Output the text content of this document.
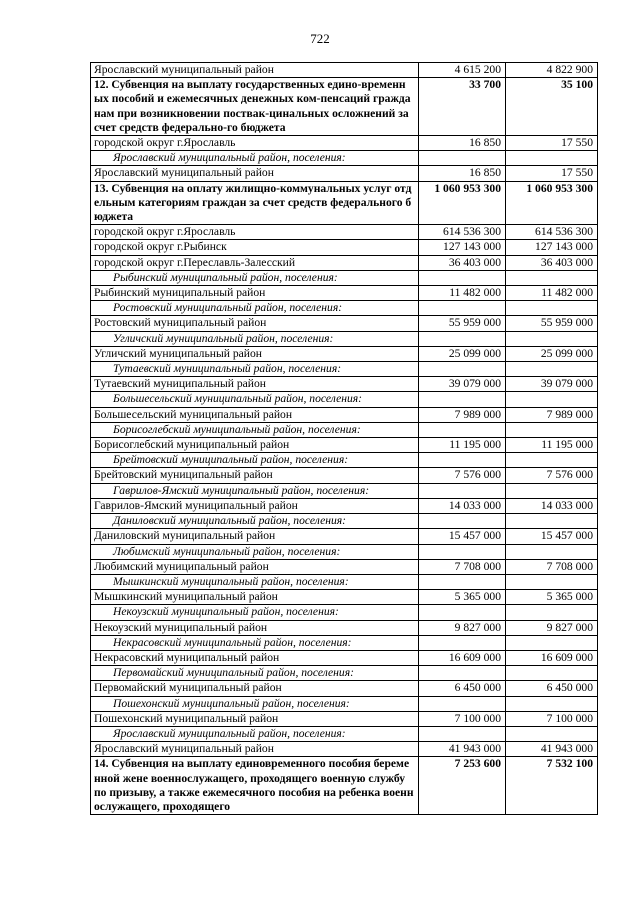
722
Ярославский муниципальный район	4 615 200	4 822 900
12. Субвенция на выплату государственных едино-временных пособий и ежемесячных денежных ком-пенсаций гражданам при возникновении поствак-цинальных осложнений за счет средств федерально-го бюджета	33 700	35 100
городской округ г.Ярославль	16 850	17 550
Ярославский муниципальный район, поселения:		
Ярославский муниципальный район	16 850	17 550
13. Субвенция на оплату жилищно-коммунальных услуг отдельным категориям граждан за счет средств федерального бюджета	1 060 953 300	1 060 953 300
городской округ г.Ярославль	614 536 300	614 536 300
городской округ г.Рыбинск	127 143 000	127 143 000
городской округ г.Переславль-Залесский	36 403 000	36 403 000
Рыбинский муниципальный район, поселения:		
Рыбинский муниципальный район	11 482 000	11 482 000
Ростовский муниципальный район, поселения:		
Ростовский муниципальный район	55 959 000	55 959 000
Угличский муниципальный район, поселения:		
Угличский муниципальный район	25 099 000	25 099 000
Тутаевский муниципальный район, поселения:		
Тутаевский муниципальный район	39 079 000	39 079 000
Большесельский муниципальный район, поселения:		
Большесельский муниципальный район	7 989 000	7 989 000
Борисоглебский муниципальный район, поселения:		
Борисоглебский муниципальный район	11 195 000	11 195 000
Брейтовский муниципальный район, поселения:		
Брейтовский муниципальный район	7 576 000	7 576 000
Гаврилов-Ямский муниципальный район, поселения:		
Гаврилов-Ямский муниципальный район	14 033 000	14 033 000
Даниловский муниципальный район, поселения:		
Даниловский муниципальный район	15 457 000	15 457 000
Любимский муниципальный район, поселения:		
Любимский муниципальный район	7 708 000	7 708 000
Мышкинский муниципальный район, поселения:		
Мышкинский муниципальный район	5 365 000	5 365 000
Некоузский муниципальный район, поселения:		
Некоузский муниципальный район	9 827 000	9 827 000
Некрасовский муниципальный район, поселения:		
Некрасовский муниципальный район	16 609 000	16 609 000
Первомайский муниципальный район, поселения:		
Первомайский муниципальный район	6 450 000	6 450 000
Пошехонский муниципальный район, поселения:		
Пошехонский муниципальный район	7 100 000	7 100 000
Ярославский муниципальный район, поселения:		
Ярославский муниципальный район	41 943 000	41 943 000
14. Субвенция на выплату единовременного пособия беременной жене военнослужащего, проходящего военную службу по призыву, а также ежемесячного пособия на ребенка военнослужащего, проходящего	7 253 600	7 532 100
